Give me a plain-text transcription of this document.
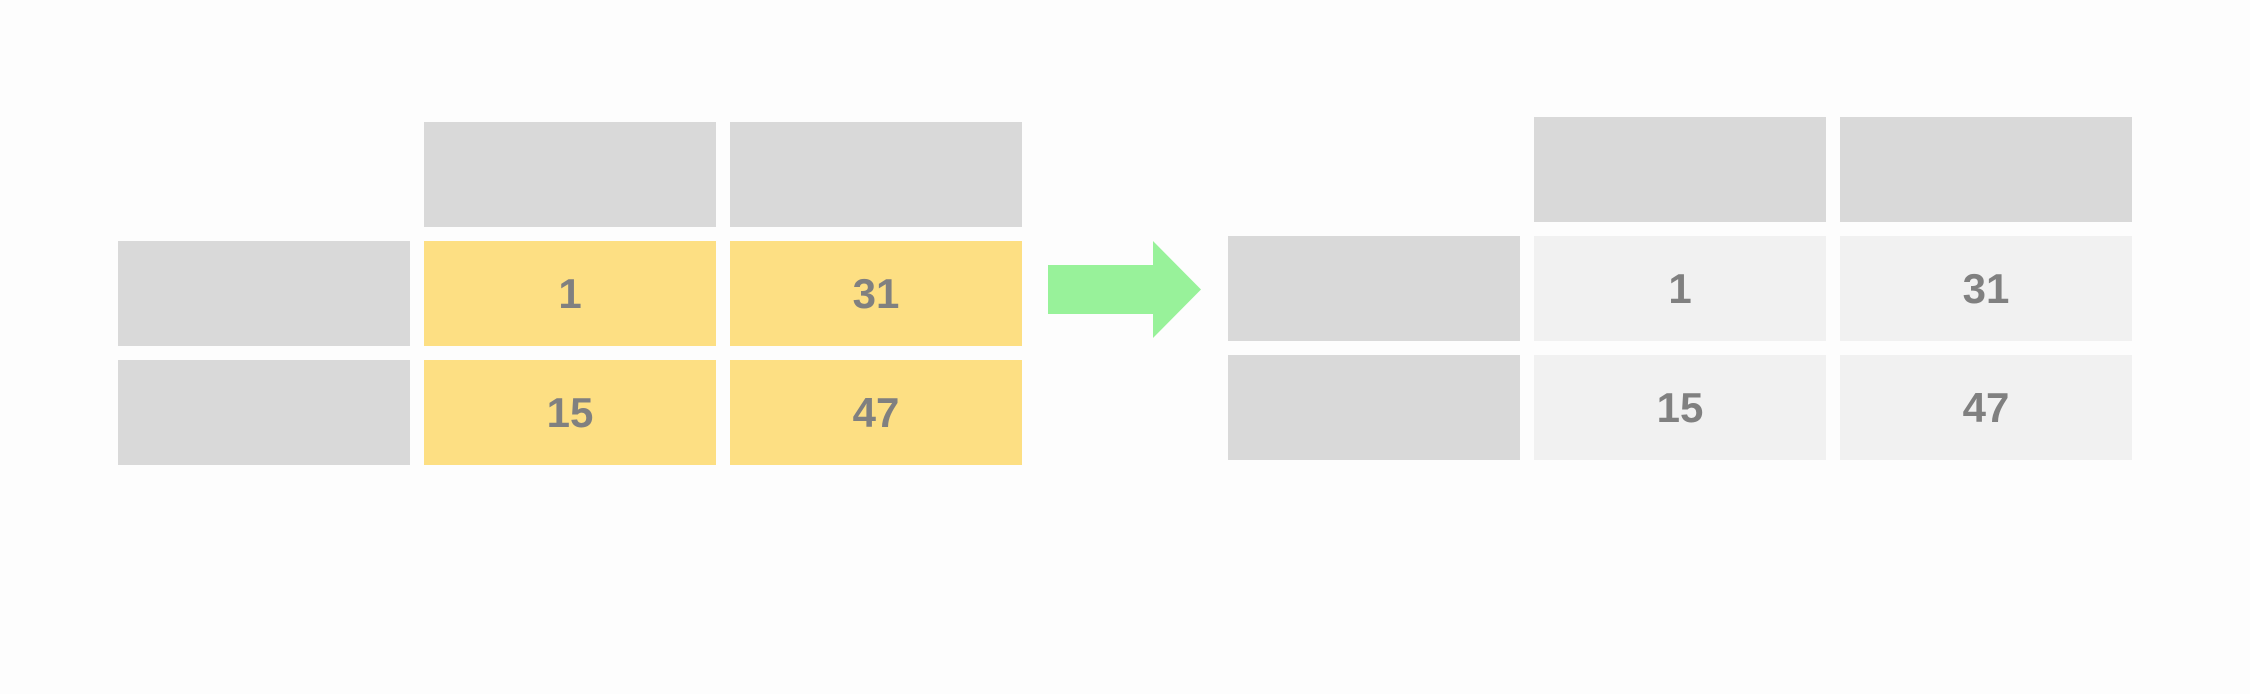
1	31
15	47
1	31
15	47
